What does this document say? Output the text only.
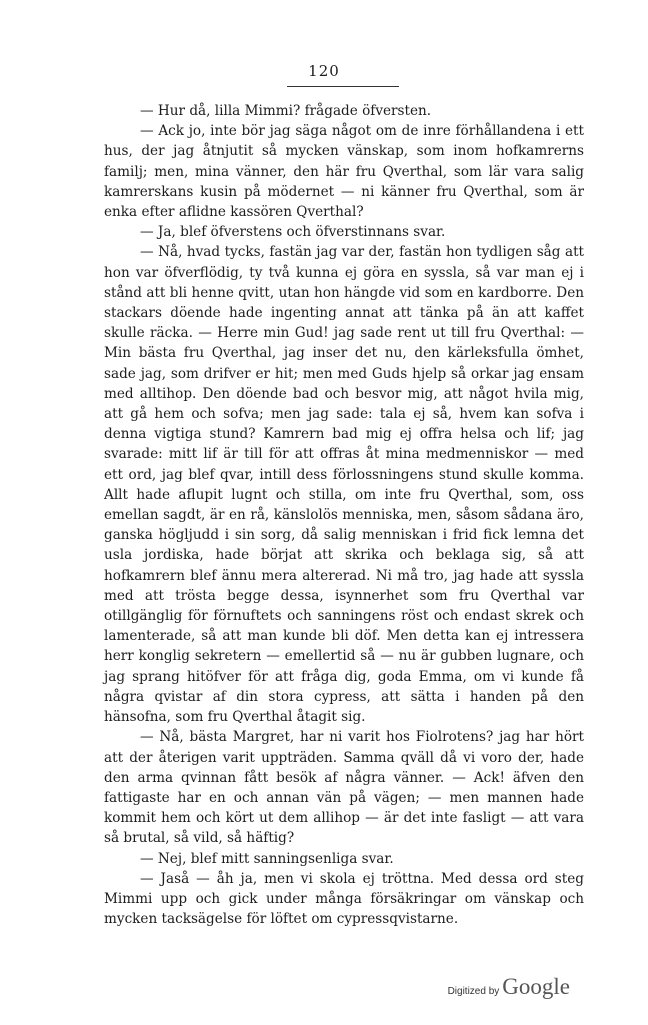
120

— Hur då, lilla Mimmi? frågade öfversten.

— Ack jo, inte bör jag säga något om de inre förhållandena i ett hus, der jag åtnjutit så mycken vänskap, som inom hofkamrerns familj; men, mina vänner, den här fru Qverthal, som lär vara salig kamrerskans kusin på mödernet — ni känner fru Qverthal, som är enka efter aflidne kassören Qverthal?

— Ja, blef öfverstens och öfverstinnans svar.

— Nå, hvad tycks, fastän jag var der, fastän hon tydligen såg att hon var öfverflödig, ty två kunna ej göra en syssla, så var man ej i stånd att bli henne qvitt, utan hon hängde vid som en kardborre. Den stackars döende hade ingenting annat att tänka på än att kaffet skulle räcka. — Herre min Gud! jag sade rent ut till fru Qverthal: — Min bästa fru Qverthal, jag inser det nu, den kärleksfulla ömhet, sade jag, som drifver er hit; men med Guds hjelp så orkar jag ensam med alltihop. Den döende bad och besvor mig, att något hvila mig, att gå hem och sofva; men jag sade: tala ej så, hvem kan sofva i denna vigtiga stund? Kamrern bad mig ej offra helsa och lif; jag svarade: mitt lif är till för att offras åt mina medmenniskor — med ett ord, jag blef qvar, intill dess förlossningens stund skulle komma. Allt hade aflupit lugnt och stilla, om inte fru Qverthal, som, oss emellan sagdt, är en rå, känslolös menniska, men, såsom sådana äro, ganska högljudd i sin sorg, då salig menniskan i frid fick lemna det usla jordiska, hade börjat att skrika och beklaga sig, så att hofkamrern blef ännu mera altererad. Ni må tro, jag hade att syssla med att trösta begge dessa, isynnerhet som fru Qverthal var otillgänglig för förnuftets och sanningens röst och endast skrek och lamenterade, så att man kunde bli döf. Men detta kan ej intressera herr konglig sekretern — emellertid så — nu är gubben lugnare, och jag sprang hitöfver för att fråga dig, goda Emma, om vi kunde få några qvistar af din stora cypress, att sätta i handen på den hänsofna, som fru Qverthal åtagit sig.

— Nå, bästa Margret, har ni varit hos Fiolrotens? jag har hört att der återigen varit uppträden. Samma qväll då vi voro der, hade den arma qvinnan fått besök af några vänner. — Ack! äfven den fattigaste har en och annan vän på vägen; — men mannen hade kommit hem och kört ut dem allihop — är det inte fasligt — att vara så brutal, så vild, så häftig?

— Nej, blef mitt sanningsenliga svar.

— Jaså — åh ja, men vi skola ej tröttna. Med dessa ord steg Mimmi upp och gick under många försäkringar om vänskap och mycken tacksägelse för löftet om cypressqvistarne.

Digitized by Google
